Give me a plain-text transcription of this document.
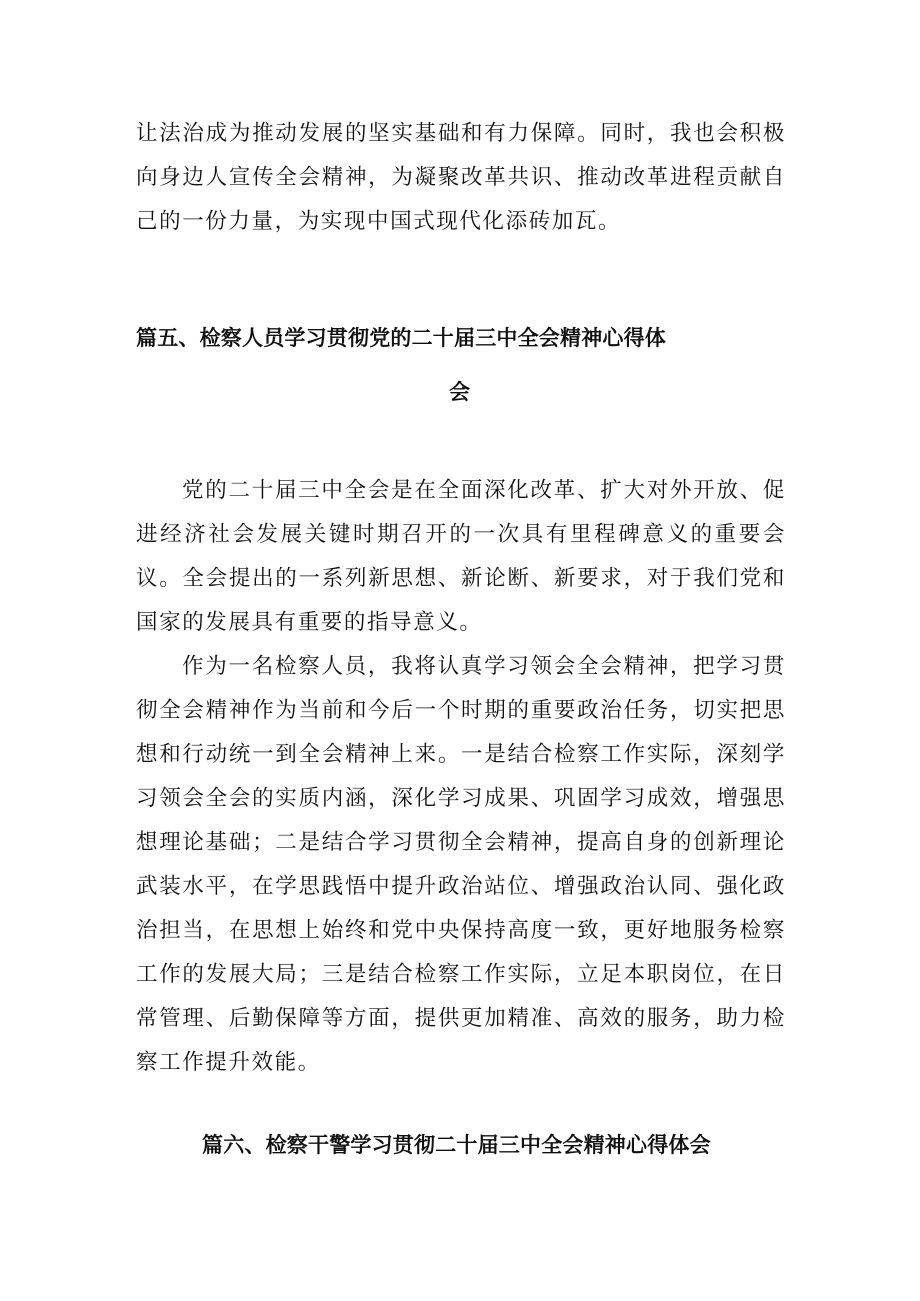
让法治成为推动发展的坚实基础和有力保障。同时，我也会积极向身边人宣传全会精神，为凝聚改革共识、推动改革进程贡献自己的一份力量，为实现中国式现代化添砖加瓦。

篇五、检察人员学习贯彻党的二十届三中全会精神心得体
会

党的二十届三中全会是在全面深化改革、扩大对外开放、促进经济社会发展关键时期召开的一次具有里程碑意义的重要会议。全会提出的一系列新思想、新论断、新要求，对于我们党和国家的发展具有重要的指导意义。

作为一名检察人员，我将认真学习领会全会精神，把学习贯彻全会精神作为当前和今后一个时期的重要政治任务，切实把思想和行动统一到全会精神上来。一是结合检察工作实际，深刻学习领会全会的实质内涵，深化学习成果、巩固学习成效，增强思想理论基础；二是结合学习贯彻全会精神，提高自身的创新理论武装水平，在学思践悟中提升政治站位、增强政治认同、强化政治担当，在思想上始终和党中央保持高度一致，更好地服务检察工作的发展大局；三是结合检察工作实际，立足本职岗位，在日常管理、后勤保障等方面，提供更加精准、高效的服务，助力检察工作提升效能。

篇六、检察干警学习贯彻二十届三中全会精神心得体会
